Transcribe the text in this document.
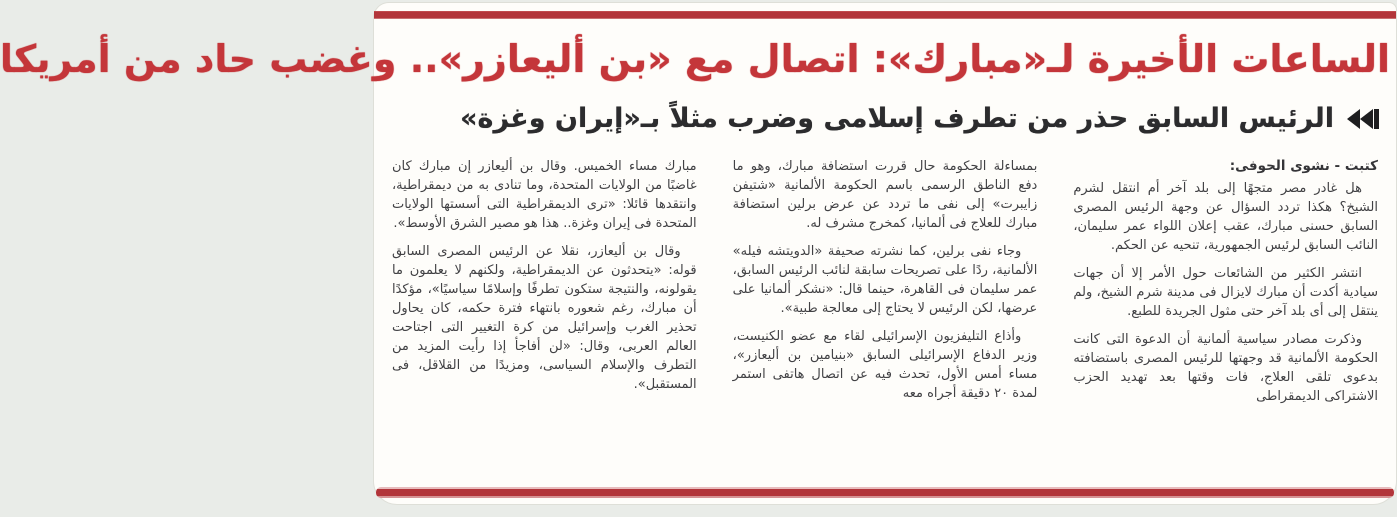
الساعات الأخيرة لـ«مبارك»: اتصال مع «بن أليعازر».. وغضب حاد من أمريكا
الرئيس السابق حذر من تطرف إسلامى وضرب مثلاً بـ«إيران وغزة»

كتبت - نشوى الحوفى:

هل غادر مصر متجهًا إلى بلد آخر أم انتقل لشرم الشيخ؟ هكذا تردد السؤال عن وجهة الرئيس المصرى السابق حسنى مبارك، عقب إعلان اللواء عمر سليمان، النائب السابق لرئيس الجمهورية، تنحيه عن الحكم.

انتشر الكثير من الشائعات حول الأمر إلا أن جهات سيادية أكدت أن مبارك لايزال فى مدينة شرم الشيخ، ولم ينتقل إلى أى بلد آخر حتى مثول الجريدة للطبع.

وذكرت مصادر سياسية ألمانية أن الدعوة التى كانت الحكومة الألمانية قد وجهتها للرئيس المصرى باستضافته بدعوى تلقى العلاج، فات وقتها بعد تهديد الحزب الاشتراكى الديمقراطى

بمساءلة الحكومة حال قررت استضافة مبارك، وهو ما دفع الناطق الرسمى باسم الحكومة الألمانية «شتيفن زايبرت» إلى نفى ما تردد عن عرض برلين استضافة مبارك للعلاج فى ألمانيا، كمخرج مشرف له.

وجاء نفى برلين، كما نشرته صحيفة «الدويتشه فيله» الألمانية، ردًا على تصريحات سابقة لنائب الرئيس السابق، عمر سليمان فى القاهرة، حينما قال: «نشكر ألمانيا على عرضها، لكن الرئيس لا يحتاج إلى معالجة طبية».

وأذاع التليفزيون الإسرائيلى لقاء مع عضو الكنيست، وزير الدفاع الإسرائيلى السابق «بنيامين بن أليعازر»، مساء أمس الأول، تحدث فيه عن اتصال هاتفى استمر لمدة ٢٠ دقيقة أجراه معه

مبارك مساء الخميس. وقال بن أليعازر إن مبارك كان غاضبًا من الولايات المتحدة، وما تنادى به من ديمقراطية، وانتقدها قائلا: «ترى الديمقراطية التى أسستها الولايات المتحدة فى إيران وغزة.. هذا هو مصير الشرق الأوسط».

وقال بن أليعازر، نقلا عن الرئيس المصرى السابق قوله: «يتحدثون عن الديمقراطية، ولكنهم لا يعلمون ما يقولونه، والنتيجة ستكون تطرفًا وإسلامًا سياسيًا»، مؤكدًا أن مبارك، رغم شعوره بانتهاء فترة حكمه، كان يحاول تحذير الغرب وإسرائيل من كرة التغيير التى اجتاحت العالم العربى، وقال: «لن أفاجأ إذا رأيت المزيد من التطرف والإسلام السياسى، ومزيدًا من القلاقل، فى المستقبل».
